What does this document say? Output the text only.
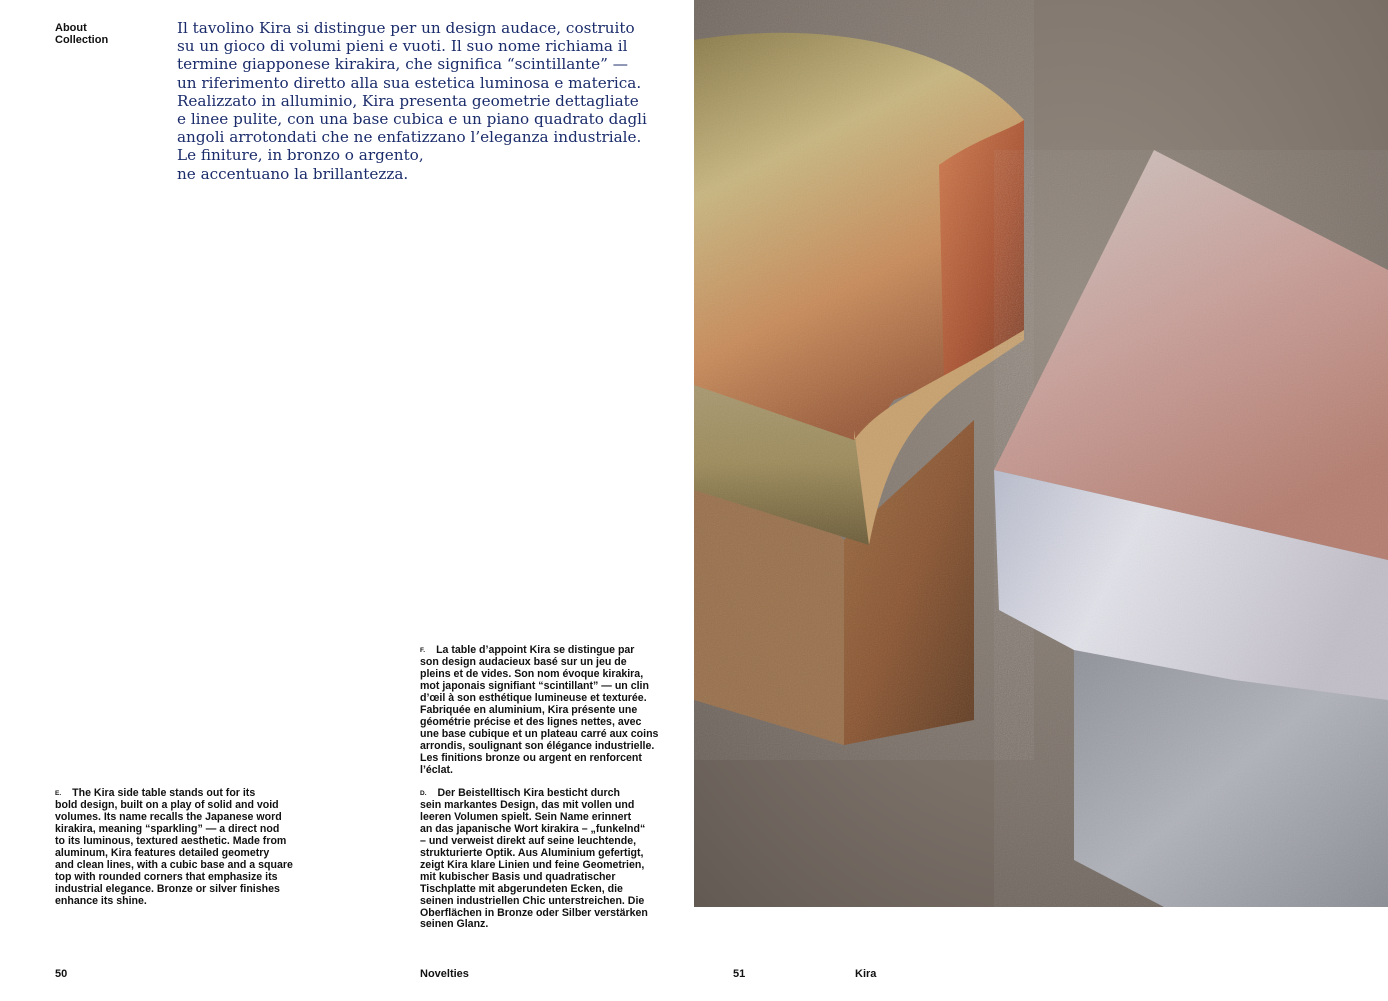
About
Collection
Il tavolino Kira si distingue per un design audace, costruito
su un gioco di volumi pieni e vuoti. Il suo nome richiama il
termine giapponese kirakira, che significa “scintillante” —
un riferimento diretto alla sua estetica luminosa e materica.
Realizzato in alluminio, Kira presenta geometrie dettagliate
e linee pulite, con una base cubica e un piano quadrato dagli
angoli arrotondati che ne enfatizzano l’eleganza industriale.
Le finiture, in bronzo o argento,
ne accentuano la brillantezza.
$^{F.}$ La table d’appoint Kira se distingue par
son design audacieux basé sur un jeu de
pleins et de vides. Son nom évoque kirakira,
mot japonais signifiant “scintillant” — un clin
d’œil à son esthétique lumineuse et texturée.
Fabriquée en aluminium, Kira présente une
géométrie précise et des lignes nettes, avec
une base cubique et un plateau carré aux coins
arrondis, soulignant son élégance industrielle.
Les finitions bronze ou argent en renforcent
l’éclat.
$^{E.}$ The Kira side table stands out for its
bold design, built on a play of solid and void
volumes. Its name recalls the Japanese word
kirakira, meaning “sparkling” — a direct nod
to its luminous, textured aesthetic. Made from
aluminum, Kira features detailed geometry
and clean lines, with a cubic base and a square
top with rounded corners that emphasize its
industrial elegance. Bronze or silver finishes
enhance its shine.
$^{D.}$ Der Beistelltisch Kira besticht durch
sein markantes Design, das mit vollen und
leeren Volumen spielt. Sein Name erinnert
an das japanische Wort kirakira – „funkelnd“
– und verweist direkt auf seine leuchtende,
strukturierte Optik. Aus Aluminium gefertigt,
zeigt Kira klare Linien und feine Geometrien,
mit kubischer Basis und quadratischer
Tischplatte mit abgerundeten Ecken, die
seinen industriellen Chic unterstreichen. Die
Oberflächen in Bronze oder Silber verstärken
seinen Glanz.
50	Novelties	51	Kira
